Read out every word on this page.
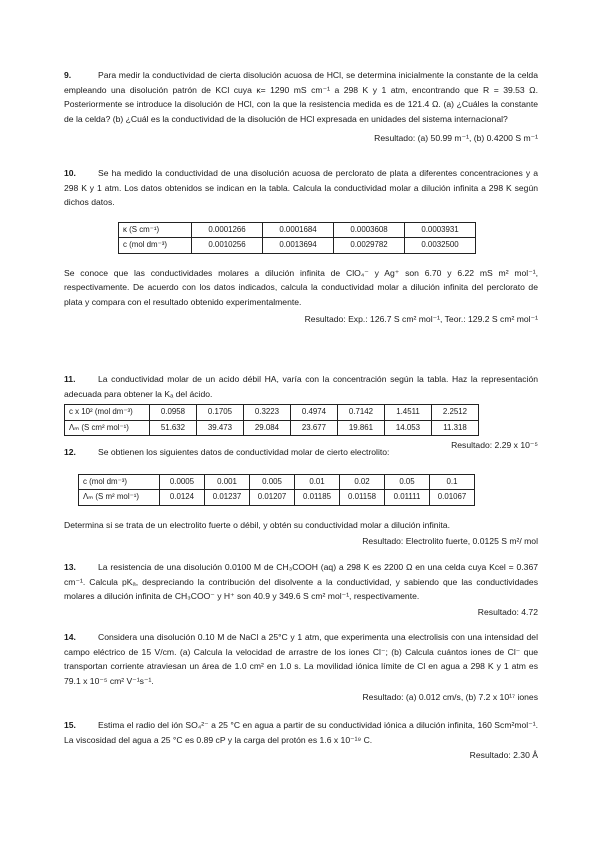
9.	Para medir la conductividad de cierta disolución acuosa de HCl, se determina inicialmente la constante de la celda empleando una disolución patrón de KCl cuya κ= 1290 mS cm⁻¹ a 298 K y 1 atm, encontrando que R = 39.53 Ω. Posteriormente se introduce la disolución de HCl, con la que la resistencia medida es de 121.4 Ω. (a) ¿Cuáles la constante de la celda? (b) ¿Cuál es la conductividad de la disolución de HCl expresada en unidades del sistema internacional?

Resultado: (a) 50.99 m⁻¹, (b) 0.4200 S m⁻¹

10.	Se ha medido la conductividad de una disolución acuosa de perclorato de plata a diferentes concentraciones y a 298 K y 1 atm. Los datos obtenidos se indican en la tabla. Calcula la conductividad molar a dilución infinita a 298 K según dichos datos.

κ (S cm⁻¹)	0.0001266	0.0001684	0.0003608	0.0003931
c (mol dm⁻³)	0.0010256	0.0013694	0.0029782	0.0032500

Se conoce que las conductividades molares a dilución infinita de ClO₄⁻ y Ag⁺ son 6.70 y 6.22 mS m² mol⁻¹, respectivamente. De acuerdo con los datos indicados, calcula la conductividad molar a dilución infinita del perclorato de plata y compara con el resultado obtenido experimentalmente.

Resultado: Exp.: 126.7 S cm² mol⁻¹, Teor.: 129.2 S cm² mol⁻¹

11.	La conductividad molar de un acido débil HA, varía con la concentración según la tabla. Haz la representación adecuada para obtener la Kₐ del ácido.

c x 10² (mol dm⁻³)	0.0958	0.1705	0.3223	0.4974	0.7142	1.4511	2.2512
Λₘ (S cm² mol⁻¹)	51.632	39.473	29.084	23.677	19.861	14.053	11.318

Resultado: 2.29 x 10⁻⁵

12.	Se obtienen los siguientes datos de conductividad molar de cierto electrolito:

c (mol dm⁻³)	0.0005	0.001	0.005	0.01	0.02	0.05	0.1
Λₘ (S m² mol⁻¹)	0.0124	0.01237	0.01207	0.01185	0.01158	0.01111	0.01067

Determina si se trata de un electrolito fuerte o débil, y obtén su conductividad molar a dilución infinita.

Resultado: Electrolito fuerte, 0.0125 S m²/ mol

13.	La resistencia de una disolución 0.0100 M de CH₃COOH (aq) a 298 K es 2200 Ω en una celda cuya Kcel = 0.367 cm⁻¹. Calcula pKₐ, despreciando la contribución del disolvente a la conductividad, y sabiendo que las conductividades molares a dilución infinita de CH₃COO⁻ y H⁺ son 40.9 y 349.6 S cm² mol⁻¹, respectivamente.

Resultado: 4.72

14.	Considera una disolución 0.10 M de NaCl a 25°C y 1 atm, que experimenta una electrolisis con una intensidad del campo eléctrico de 15 V/cm. (a) Calcula la velocidad de arrastre de los iones Cl⁻; (b) Calcula cuántos iones de Cl⁻ que transportan corriente atraviesan un área de 1.0 cm² en 1.0 s. La movilidad iónica límite de Cl en agua a 298 K y 1 atm es 79.1 x 10⁻⁵ cm² V⁻¹s⁻¹.

Resultado: (a) 0.012 cm/s, (b) 7.2 x 10¹⁷ iones

15.	Estima el radio del ión SO₄²⁻ a 25 °C en agua a partir de su conductividad iónica a dilución infinita, 160 Scm²mol⁻¹. La viscosidad del agua a 25 °C es 0.89 cP y la carga del protón es 1.6 x 10⁻¹⁹ C.

Resultado: 2.30 Å
